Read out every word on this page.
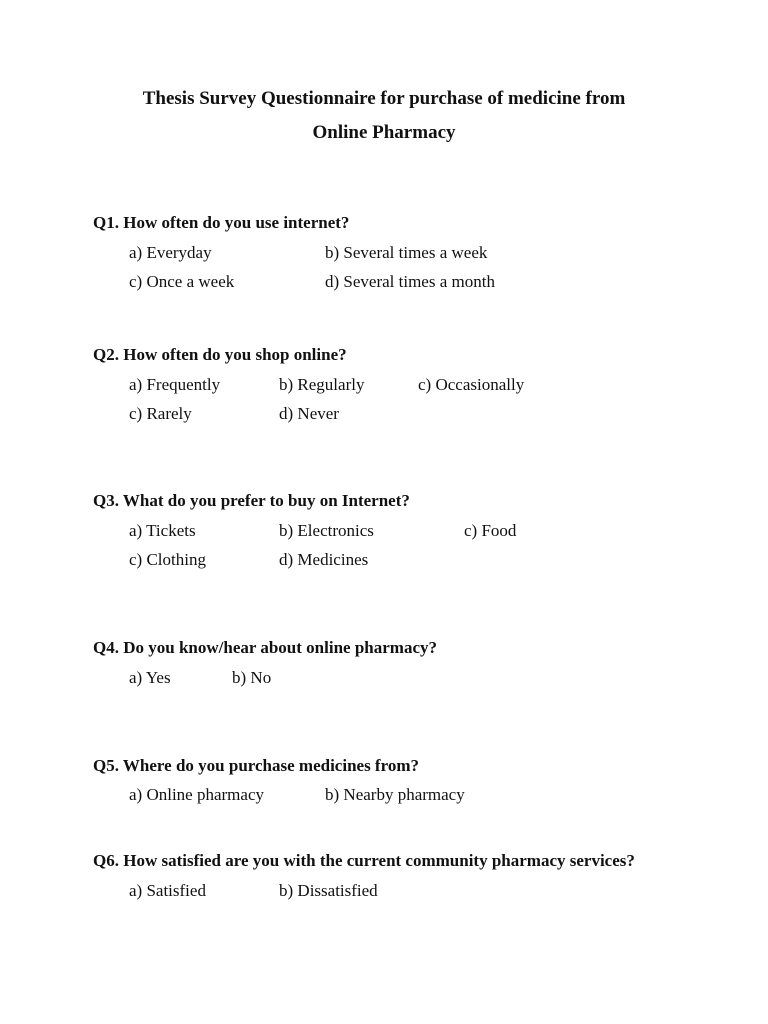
Thesis Survey Questionnaire for purchase of medicine from
Online Pharmacy
Q1. How often do you use internet?
a) Everyday	b) Several times a week
c) Once a week	d) Several times a month
Q2. How often do you shop online?
a) Frequently	b) Regularly	c) Occasionally
c) Rarely	d) Never
Q3. What do you prefer to buy on Internet?
a) Tickets	b) Electronics	c) Food
c) Clothing	d) Medicines
Q4. Do you know/hear about online pharmacy?
a) Yes	b) No
Q5. Where do you purchase medicines from?
a) Online pharmacy	b) Nearby pharmacy
Q6. How satisfied are you with the current community pharmacy services?
a) Satisfied	b) Dissatisfied
